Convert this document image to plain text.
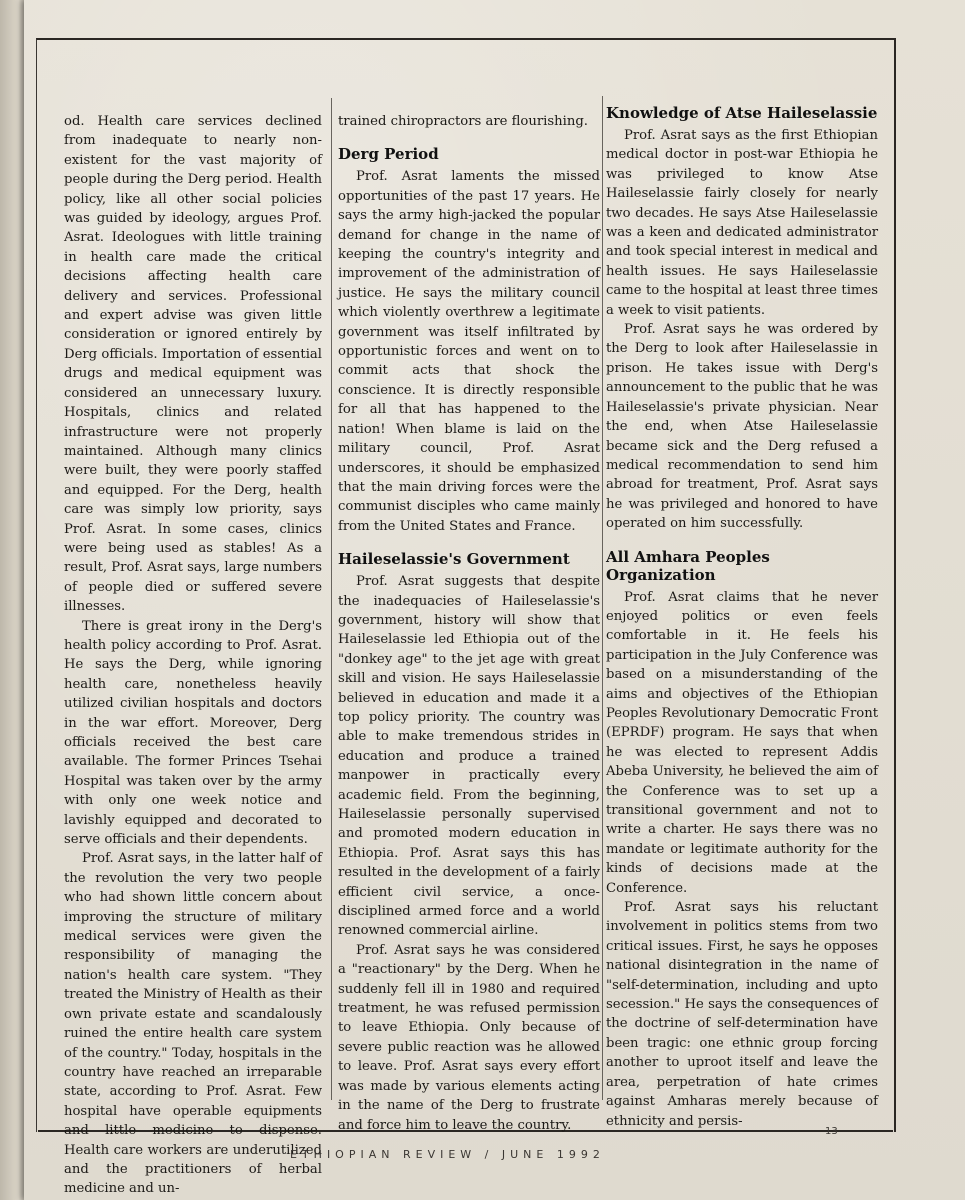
od. Health care services declined from inadequate to nearly non-existent for the vast majority of people during the Derg period. Health policy, like all other social policies was guided by ideology, argues Prof. Asrat. Ideologues with little training in health care made the critical decisions affecting health care delivery and services. Professional and expert advise was given little consideration or ignored entirely by Derg officials. Importation of essential drugs and medical equipment was considered an unnecessary luxury. Hospitals, clinics and related infrastructure were not properly maintained. Although many clinics were built, they were poorly staffed and equipped. For the Derg, health care was simply low priority, says Prof. Asrat. In some cases, clinics were being used as stables! As a result, Prof. Asrat says, large numbers of people died or suffered severe illnesses.

There is great irony in the Derg's health policy according to Prof. Asrat. He says the Derg, while ignoring health care, nonetheless heavily utilized civilian hospitals and doctors in the war effort. Moreover, Derg officials received the best care available. The former Princes Tsehai Hospital was taken over by the army with only one week notice and lavishly equipped and decorated to serve officials and their dependents.

Prof. Asrat says, in the latter half of the revolution the very two people who had shown little concern about improving the structure of military medical services were given the responsibility of managing the nation's health care system. "They treated the Ministry of Health as their own private estate and scandalously ruined the entire health care system of the country." Today, hospitals in the country have reached an irreparable state, according to Prof. Asrat. Few hospital have operable equipments and little medicine to dispense. Health care workers are underutilized and the practitioners of herbal medicine and un-

trained chiropractors are flourishing.

Derg Period

Prof. Asrat laments the missed opportunities of the past 17 years. He says the army high-jacked the popular demand for change in the name of keeping the country's integrity and improvement of the administration of justice. He says the military council which violently overthrew a legitimate government was itself infiltrated by opportunistic forces and went on to commit acts that shock the conscience. It is directly responsible for all that has happened to the nation! When blame is laid on the military council, Prof. Asrat underscores, it should be emphasized that the main driving forces were the communist disciples who came mainly from the United States and France.

Haileselassie's Government

Prof. Asrat suggests that despite the inadequacies of Haileselassie's government, history will show that Haileselassie led Ethiopia out of the "donkey age" to the jet age with great skill and vision. He says Haileselassie believed in education and made it a top policy priority. The country was able to make tremendous strides in education and produce a trained manpower in practically every academic field. From the beginning, Haileselassie personally supervised and promoted modern education in Ethiopia. Prof. Asrat says this has resulted in the development of a fairly efficient civil service, a once-disciplined armed force and a world renowned commercial airline.

Prof. Asrat says he was considered a "reactionary" by the Derg. When he suddenly fell ill in 1980 and required treatment, he was refused permission to leave Ethiopia. Only because of severe public reaction was he allowed to leave. Prof. Asrat says every effort was made by various elements acting in the name of the Derg to frustrate and force him to leave the country.

Knowledge of Atse Haileselassie

Prof. Asrat says as the first Ethiopian medical doctor in post-war Ethiopia he was privileged to know Atse Haileselassie fairly closely for nearly two decades. He says Atse Haileselassie was a keen and dedicated administrator and took special interest in medical and health issues. He says Haileselassie came to the hospital at least three times a week to visit patients.

Prof. Asrat says he was ordered by the Derg to look after Haileselassie in prison. He takes issue with Derg's announcement to the public that he was Haileselassie's private physician. Near the end, when Atse Haileselassie became sick and the Derg refused a medical recommendation to send him abroad for treatment, Prof. Asrat says he was privileged and honored to have operated on him successfully.

All Amhara Peoples Organization

Prof. Asrat claims that he never enjoyed politics or even feels comfortable in it. He feels his participation in the July Conference was based on a misunderstanding of the aims and objectives of the Ethiopian Peoples Revolutionary Democratic Front (EPRDF) program. He says that when he was elected to represent Addis Abeba University, he believed the aim of the Conference was to set up a transitional government and not to write a charter. He says there was no mandate or legitimate authority for the kinds of decisions made at the Conference.

Prof. Asrat says his reluctant involvement in politics stems from two critical issues. First, he says he opposes national disintegration in the name of "self-determination, including and upto secession." He says the consequences of the doctrine of self-determination have been tragic: one ethnic group forcing another to uproot itself and leave the area, perpetration of hate crimes against Amharas merely because of ethnicity and persis-

ETHIOPIAN REVIEW / JUNE 1992
13
